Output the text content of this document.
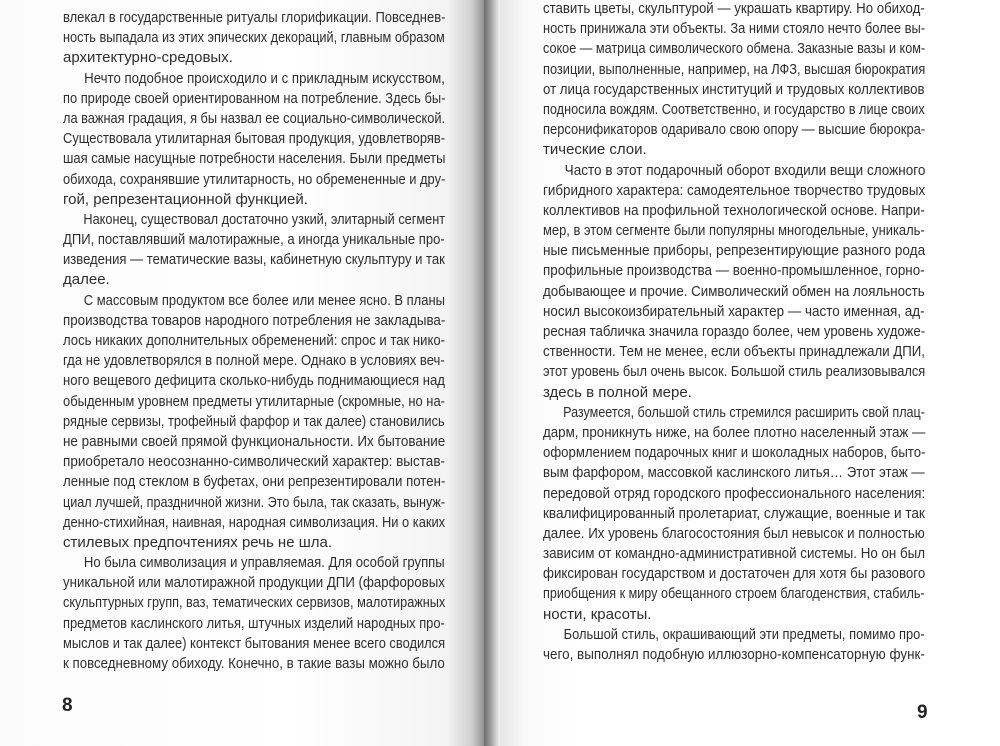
влекал в государственные ритуалы глорификации. Повседнев-
ность выпадала из этих эпических декораций, главным образом
архитектурно-средовых.
Нечто подобное происходило и с прикладным искусством,
по природе своей ориентированном на потребление. Здесь бы-
ла важная градация, я бы назвал ее социально-символической.
Существовала утилитарная бытовая продукция, удовлетворяв-
шая самые насущные потребности населения. Были предметы
обихода, сохранявшие утилитарность, но обремененные и дру-
гой, репрезентационной функцией.
Наконец, существовал достаточно узкий, элитарный сегмент
ДПИ, поставлявший малотиражные, а иногда уникальные про-
изведения — тематические вазы, кабинетную скульптуру и так
далее.
С массовым продуктом все более или менее ясно. В планы
производства товаров народного потребления не закладыва-
лось никаких дополнительных обременений: спрос и так нико-
гда не удовлетворялся в полной мере. Однако в условиях веч-
ного вещевого дефицита сколько-нибудь поднимающиеся над
обыденным уровнем предметы утилитарные (скромные, но на-
рядные сервизы, трофейный фарфор и так далее) становились
не равными своей прямой функциональности. Их бытование
приобретало неосознанно-символический характер: выстав-
ленные под стеклом в буфетах, они репрезентировали потен-
циал лучшей, праздничной жизни. Это была, так сказать, вынуж-
денно-стихийная, наивная, народная символизация. Ни о каких
стилевых предпочтениях речь не шла.
Но была символизация и управляемая. Для особой группы
уникальной или малотиражной продукции ДПИ (фарфоровых
скульптурных групп, ваз, тематических сервизов, малотиражных
предметов каслинского литья, штучных изделий народных про-
мыслов и так далее) контекст бытования менее всего сводился
к повседневному обиходу. Конечно, в такие вазы можно было
8
ставить цветы, скульптурой — украшать квартиру. Но обиход-
ность принижала эти объекты. За ними стояло нечто более вы-
сокое — матрица символического обмена. Заказные вазы и ком-
позиции, выполненные, например, на ЛФЗ, высшая бюрократия
от лица государственных институций и трудовых коллективов
подносила вождям. Соответственно, и государство в лице своих
персонификаторов одаривало свою опору — высшие бюрокра-
тические слои.
Часто в этот подарочный оборот входили вещи сложного
гибридного характера: самодеятельное творчество трудовых
коллективов на профильной технологической основе. Напри-
мер, в этом сегменте были популярны многодельные, уникаль-
ные письменные приборы, репрезентирующие разного рода
профильные производства — военно-промышленное, горно-
добывающее и прочие. Символический обмен на лояльность
носил высокоизбирательный характер — часто именная, ад-
ресная табличка значила гораздо более, чем уровень художе-
ственности. Тем не менее, если объекты принадлежали ДПИ,
этот уровень был очень высок. Большой стиль реализовывался
здесь в полной мере.
Разумеется, большой стиль стремился расширить свой плац-
дарм, проникнуть ниже, на более плотно населенный этаж —
оформлением подарочных книг и шоколадных наборов, быто-
вым фарфором, массовкой каслинского литья… Этот этаж —
передовой отряд городского профессионального населения:
квалифицированный пролетариат, служащие, военные и так
далее. Их уровень благосостояния был невысок и полностью
зависим от командно-административной системы. Но он был
фиксирован государством и достаточен для хотя бы разового
приобщения к миру обещанного строем благоденствия, стабиль-
ности, красоты.
Большой стиль, окрашивающий эти предметы, помимо про-
чего, выполнял подобную иллюзорно-компенсаторную функ-
9
